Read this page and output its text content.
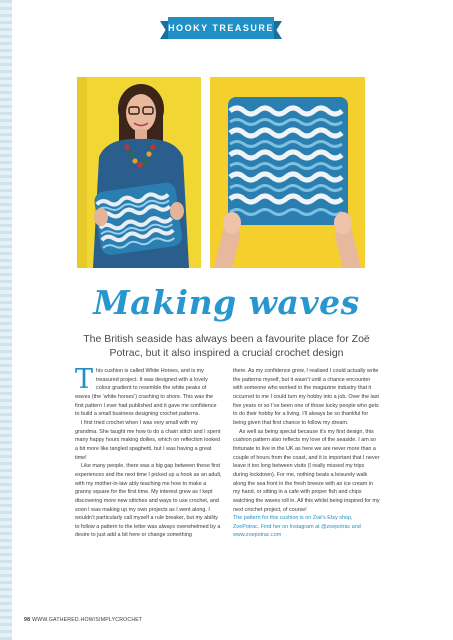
HOOKY TREASURE
Making waves
The British seaside has always been a favourite place for Zoë Potrac, but it also inspired a crucial crochet design

This cushion is called White Horses, and is my treasured project. It was designed with a lovely colour gradient to resemble the white peaks of waves (the ‘white horses’) crashing to shore. This was the first pattern I ever had published and it gave me confidence to build a small business designing crochet patterns.

I first tried crochet when I was very small with my grandma. She taught me how to do a chain stitch and I spent many happy hours making doilies, which on reflection looked a bit more like tangled spaghetti, but I was having a great time!

Like many people, there was a big gap between these first experiences and the next time I picked up a hook as an adult, with my mother-in-law ably teaching me how to make a granny square for the first time. My interest grew as I kept discovering more new stitches and ways to use crochet, and soon I was making up my own projects as I went along. I wouldn’t particularly call myself a rule breaker, but my ability to follow a pattern to the letter was always overwhelmed by a desire to just add a bit here or change something

there. As my confidence grew, I realised I could actually write the patterns myself, but it wasn’t until a chance encounter with someone who worked in the magazine industry that it occurred to me I could turn my hobby into a job. Over the last five years or so I’ve been one of those lucky people who gets to do their hobby for a living. I’ll always be so thankful for being given that first chance to follow my dream.

As well as being special because it’s my first design, this cushion pattern also reflects my love of the seaside. I am so fortunate to live in the UK as here we are never more than a couple of hours from the coast, and it is important that I never leave it too long between visits (I really missed my trips during lockdown). For me, nothing beats a leisurely walk along the sea front in the fresh breeze with an ice cream in my hand, or sitting in a cafe with proper fish and chips watching the waves roll in. All this whilst being inspired for my next crochet project, of course!

The pattern for this cushion is on Zoë’s Etsy shop, ZoePotrac. Find her on Instagram at @zoepotrac and www.zoepotrac.com

98 WWW.GATHERED.HOW/SIMPLYCROCHET
